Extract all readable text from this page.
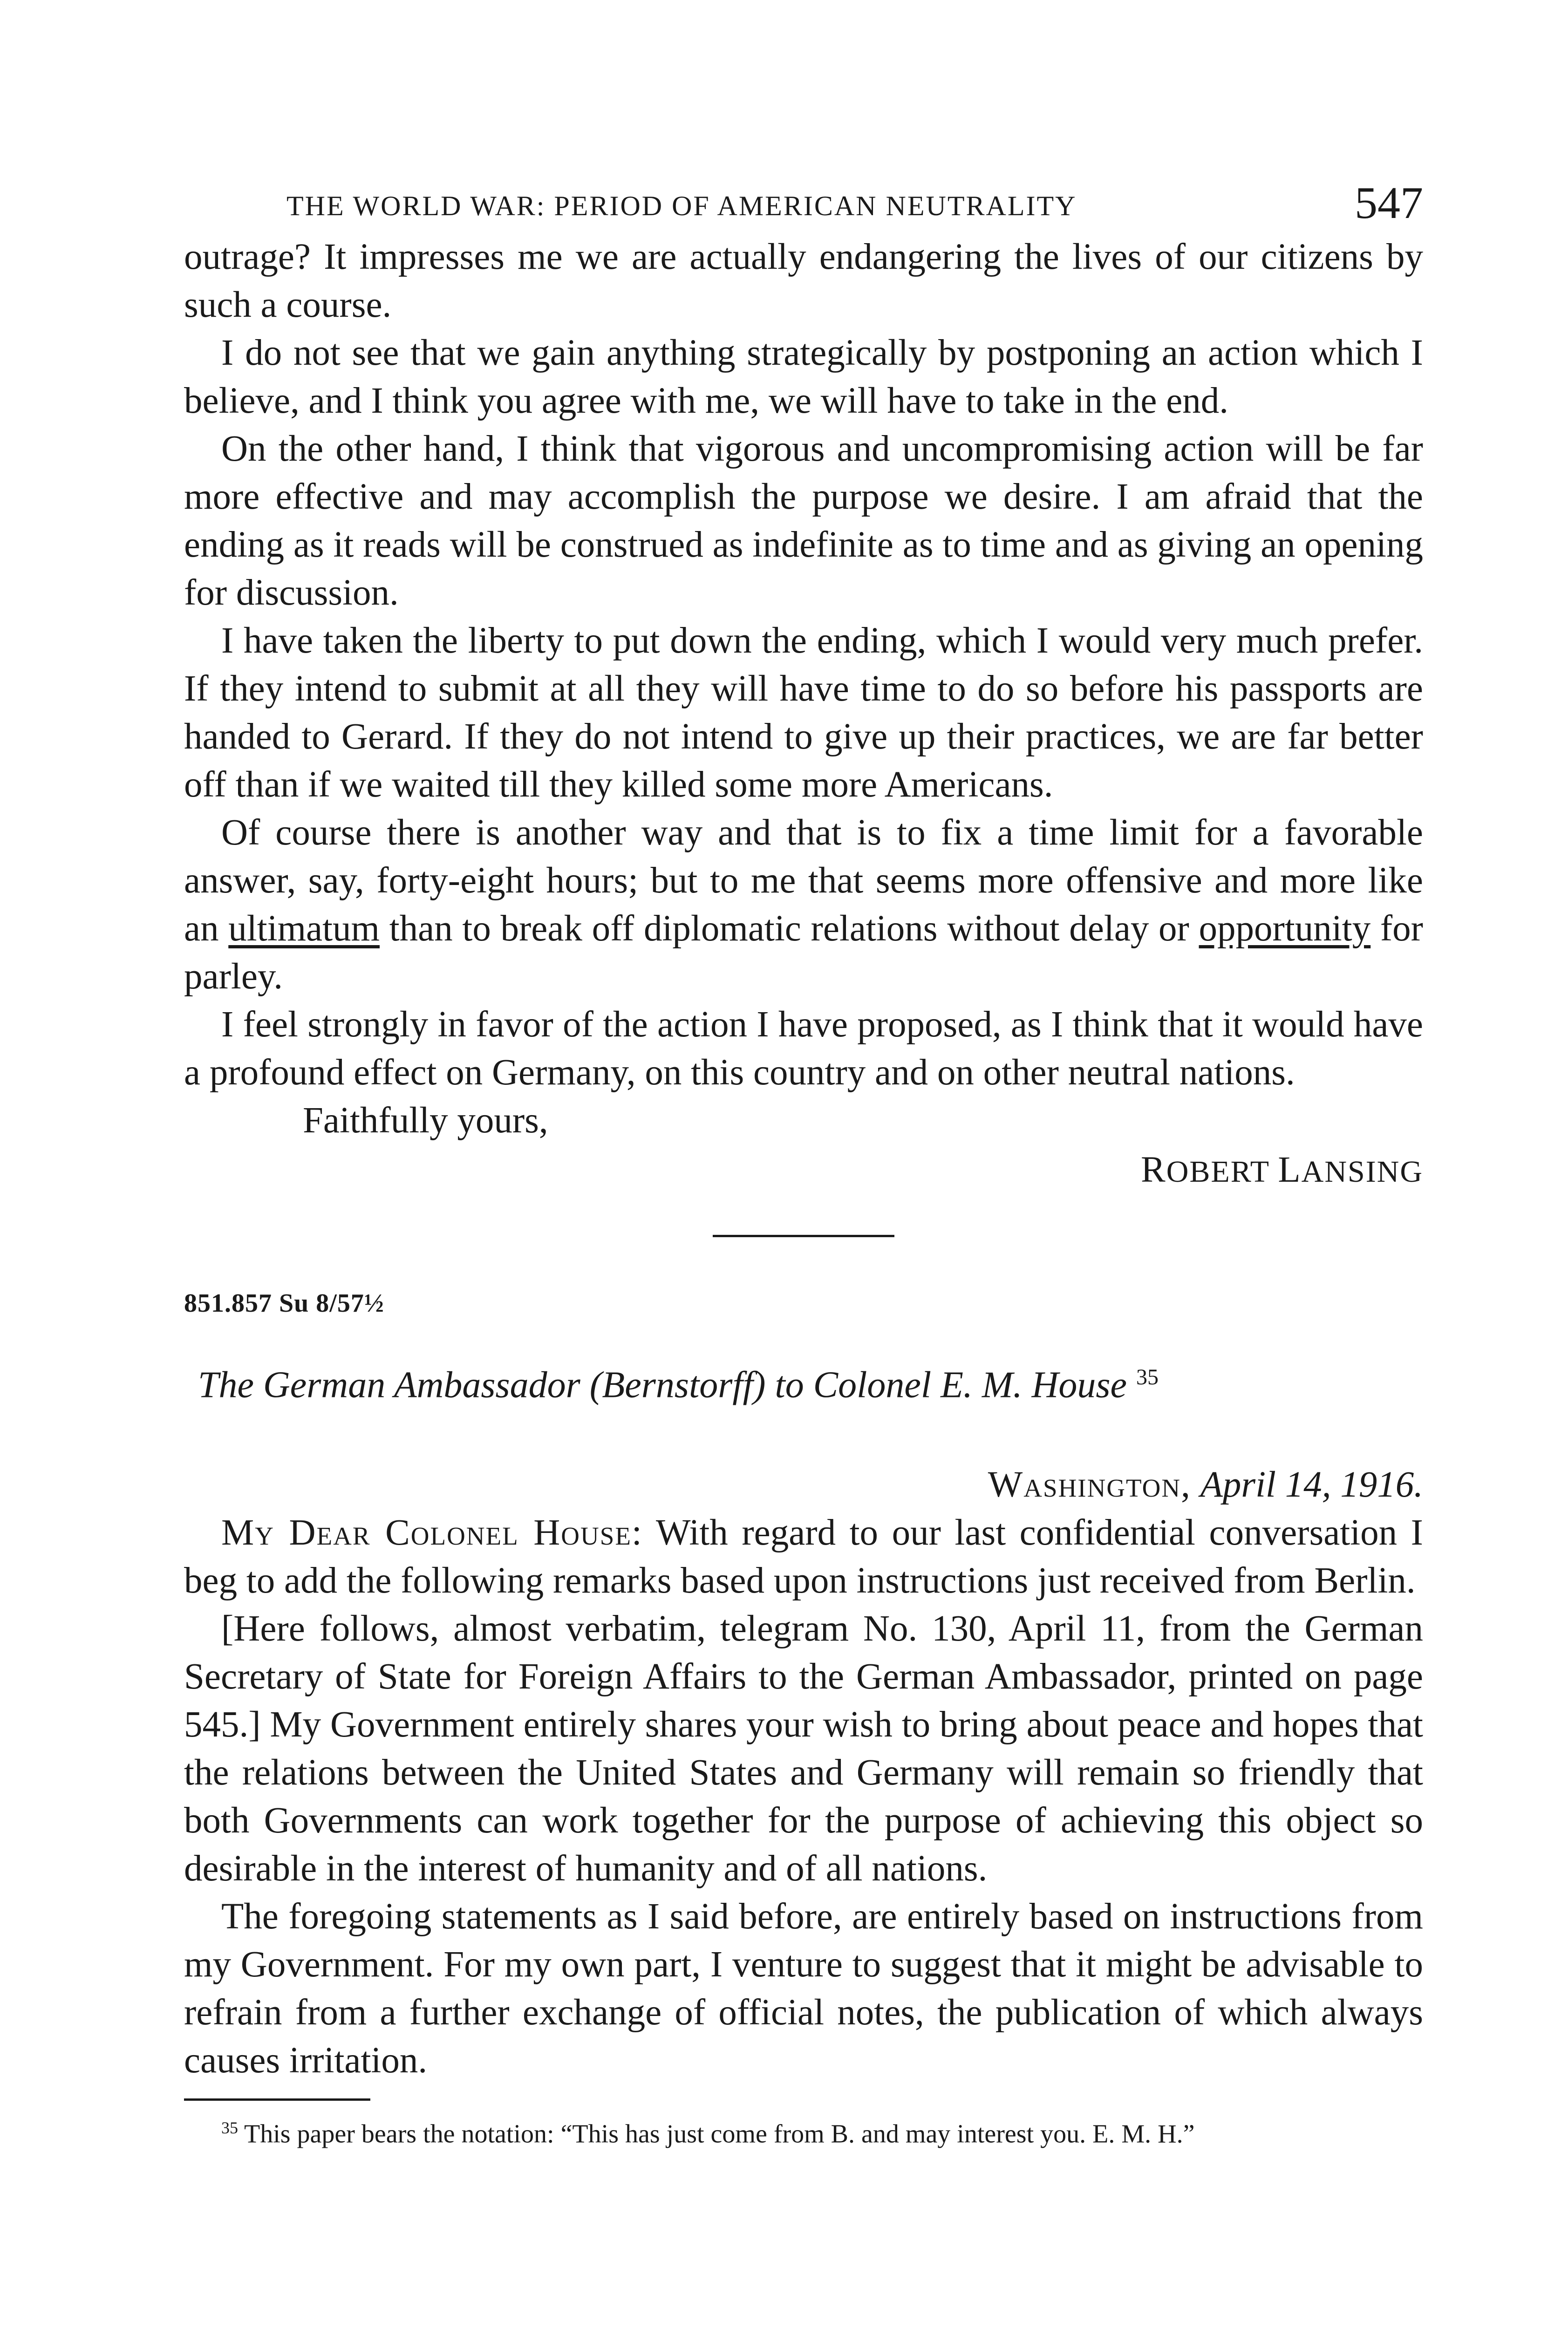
THE WORLD WAR: PERIOD OF AMERICAN NEUTRALITY	547

outrage? It impresses me we are actually endangering the lives of our citizens by such a course.

I do not see that we gain anything strategically by postponing an action which I believe, and I think you agree with me, we will have to take in the end.

On the other hand, I think that vigorous and uncompromising action will be far more effective and may accomplish the purpose we desire. I am afraid that the ending as it reads will be construed as indefinite as to time and as giving an opening for discussion.

I have taken the liberty to put down the ending, which I would very much prefer. If they intend to submit at all they will have time to do so before his passports are handed to Gerard. If they do not intend to give up their practices, we are far better off than if we waited till they killed some more Americans.

Of course there is another way and that is to fix a time limit for a favorable answer, say, forty-eight hours; but to me that seems more offensive and more like an ultimatum than to break off diplomatic relations without delay or opportunity for parley.

I feel strongly in favor of the action I have proposed, as I think that it would have a profound effect on Germany, on this country and on other neutral nations.

Faithfully yours,

ROBERT LANSING

851.857 Su 8/57½

The German Ambassador (Bernstorff) to Colonel E. M. House $^{35}$

Washington, April 14, 1916.

My Dear Colonel House: With regard to our last confidential conversation I beg to add the following remarks based upon instructions just received from Berlin.

[Here follows, almost verbatim, telegram No. 130, April 11, from the German Secretary of State for Foreign Affairs to the German Ambassador, printed on page 545.] My Government entirely shares your wish to bring about peace and hopes that the relations between the United States and Germany will remain so friendly that both Governments can work together for the purpose of achieving this object so desirable in the interest of humanity and of all nations.

The foregoing statements as I said before, are entirely based on instructions from my Government. For my own part, I venture to suggest that it might be advisable to refrain from a further exchange of official notes, the publication of which always causes irritation.

$^{35}$ This paper bears the notation: “This has just come from B. and may interest you. E. M. H.”
